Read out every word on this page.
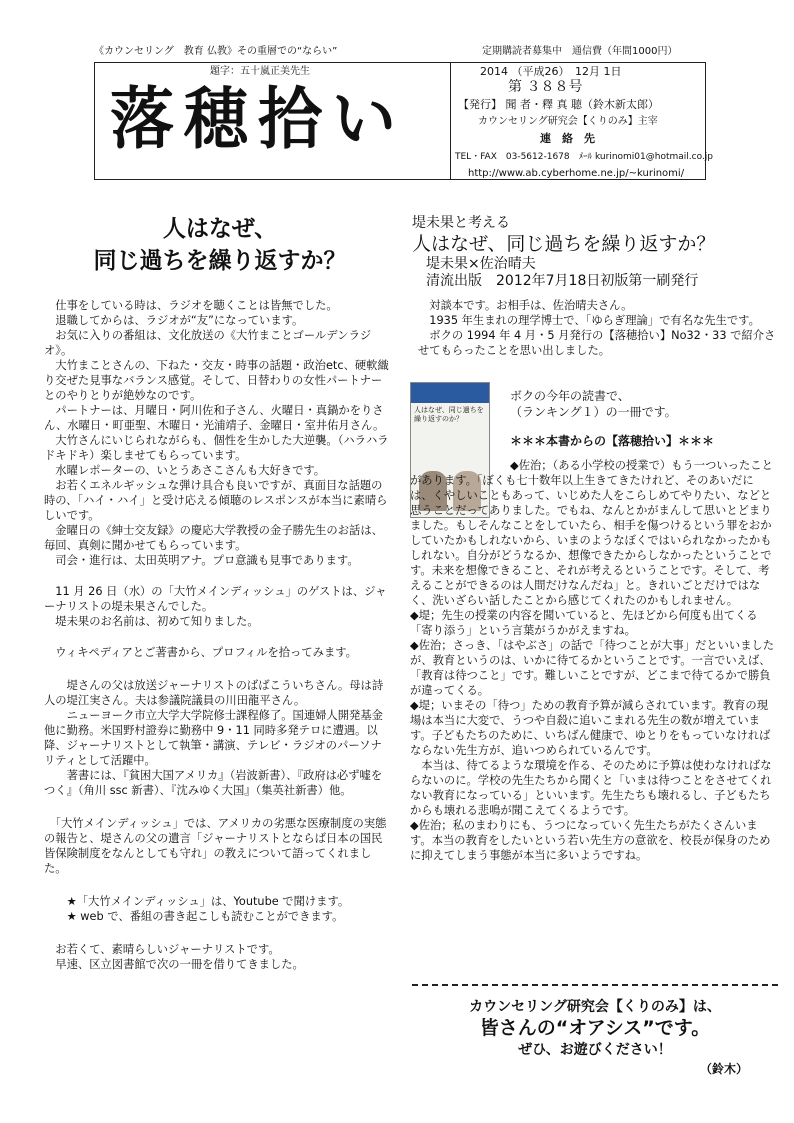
《カウンセリング　教育 仏教》その重層での“ならい”	定期購読者募集中　通信費（年間1000円）
題字：五十嵐正美先生
落穂拾い
2014 （平成26）　12月 1日
第 ３８８号
【発行】 聞 者・釋 真 聴（鈴木新太郎）
カウンセリング研究会【くりのみ】主宰
連　絡　先
TEL・FAX　03-5612-1678　ﾒｰﾙ kurinomi01@hotmail.co.jp
http://www.ab.cyberhome.ne.jp/~kurinomi/
人はなぜ、
同じ過ちを繰り返すか？

　仕事をしている時は、ラジオを聴くことは皆無でした。
　退職してからは、ラジオが“友”になっています。
　お気に入りの番組は、文化放送の《大竹まことゴールデンラジオ》。
　大竹まことさんの、下ねた・交友・時事の話題・政治etc、硬軟織り交ぜた見事なバランス感覚。そして、日替わりの女性パートナーとのやりとりが絶妙なのです。
　パートナーは、月曜日・阿川佐和子さん、火曜日・真鍋かをりさん、水曜日・町亜聖、木曜日・光浦靖子、金曜日・室井佑月さん。
　大竹さんにいじられながらも、個性を生かした大逆襲。（ハラハラドキドキ）楽しませてもらっています。
　水曜レポーターの、いとうあさこさんも大好きです。
　お若くエネルギッシュな弾け具合も良いですが、真面目な話題の時の、「ハイ・ハイ」と受け応える傾聴のレスポンスが本当に素晴らしいです。
　金曜日の《紳士交友録》の慶応大学教授の金子勝先生のお話は、毎回、真剣に聞かせてもらっています。
　司会・進行は、太田英明アナ。プロ意識も見事であります。

　11 月 26 日（水）の「大竹メインディッシュ」のゲストは、ジャーナリストの堤未果さんでした。
　堤未果のお名前は、初めて知りました。

　ウィキペディアとご著書から、プロフィルを拾ってみます。

　　堤さんの父は放送ジャーナリストのばばこういちさん。母は詩人の堤江実さん。夫は参議院議員の川田龍平さん。
　　ニューヨーク市立大学大学院修士課程修了。国連婦人開発基金他に勤務。米国野村證券に勤務中 9・11 同時多発テロに遭遇。以降、ジャーナリストとして執筆・講演、テレビ・ラジオのパーソナリティとして活躍中。
　　著書には、『貧困大国アメリカ』（岩波新書）、『政府は必ず嘘をつく』（角川 ssc 新書）、『沈みゆく大国』（集英社新書）他。

　「大竹メインディッシュ」では、アメリカの劣悪な医療制度の実態の報告と、堤さんの父の遺言「ジャーナリストとならば日本の国民皆保険制度をなんとしても守れ」の教えについて語ってくれました。

　　★「大竹メインディッシュ」は、Youtube で聞けます。
　　★ web で、番組の書き起こしも読むことができます。

　お若くて、素晴らしいジャーナリストです。
　早速、区立図書館で次の一冊を借りてきました。

堤未果と考える
人はなぜ、同じ過ちを繰り返すか？
　堤未果×佐治晴夫
　清流出版　2012年7月18日初版第一刷発行

　対談本です。お相手は、佐治晴夫さん。
　1935 年生まれの理学博士で、「ゆらぎ理論」で有名な先生です。
　ボクの 1994 年 4 月・5 月発行の【落穂拾い】No32・33 で紹介させてもらったことを思い出しました。

人はなぜ、同じ過ちを繰り返すのか？

ボクの今年の読書で、
（ランキング１）の一冊です。

＊＊＊本書からの【落穂拾い】＊＊＊

◆佐治；（ある小学校の授業で）もう一ついったことがあります。「ぼくも七十数年以上生きてきたけれど、そのあいだには、くやしいこともあって、いじめた人をこらしめてやりたい、などと思うことだってありました。でもね、なんとかがまんして思いとどまりました。もしそんなことをしていたら、相手を傷つけるという罪をおかしていたかもしれないから、いまのようなぼくではいられなかったかもしれない。自分がどうなるか、想像できたからしなかったということです。未来を想像できること、それが考えるということです。そして、考えることができるのは人間だけなんだね」と。きれいごとだけではなく、洗いざらい話したことから感じてくれたのかもしれません。
◆堤；先生の授業の内容を聞いていると、先ほどから何度も出てくる「寄り添う」という言葉がうかがえますね。
◆佐治；さっき、「はやぶさ」の話で「待つことが大事」だといいましたが、教育というのは、いかに待てるかということです。一言でいえば、「教育は待つこと」です。難しいことですが、どこまで待てるかで勝負が違ってくる。
◆堤；いまその「待つ」ための教育予算が減らされています。教育の現場は本当に大変で、うつや自殺に追いこまれる先生の数が増えています。子どもたちのために、いちばん健康で、ゆとりをもっていなければならない先生方が、追いつめられているんです。
　本当は、待てるような環境を作る、そのために予算は使わなければならないのに。学校の先生たちから聞くと「いまは待つことをさせてくれない教育になっている」といいます。先生たちも壊れるし、子どもたちからも壊れる悲鳴が聞こえてくるようです。
◆佐治；私のまわりにも、うつになっていく先生たちがたくさんいます。本当の教育をしたいという若い先生方の意欲を、校長が保身のために抑えてしまう事態が本当に多いようですね。

カウンセリング研究会【くりのみ】は、
皆さんの“オアシス”です。
ぜひ、お遊びください！
（鈴木）
